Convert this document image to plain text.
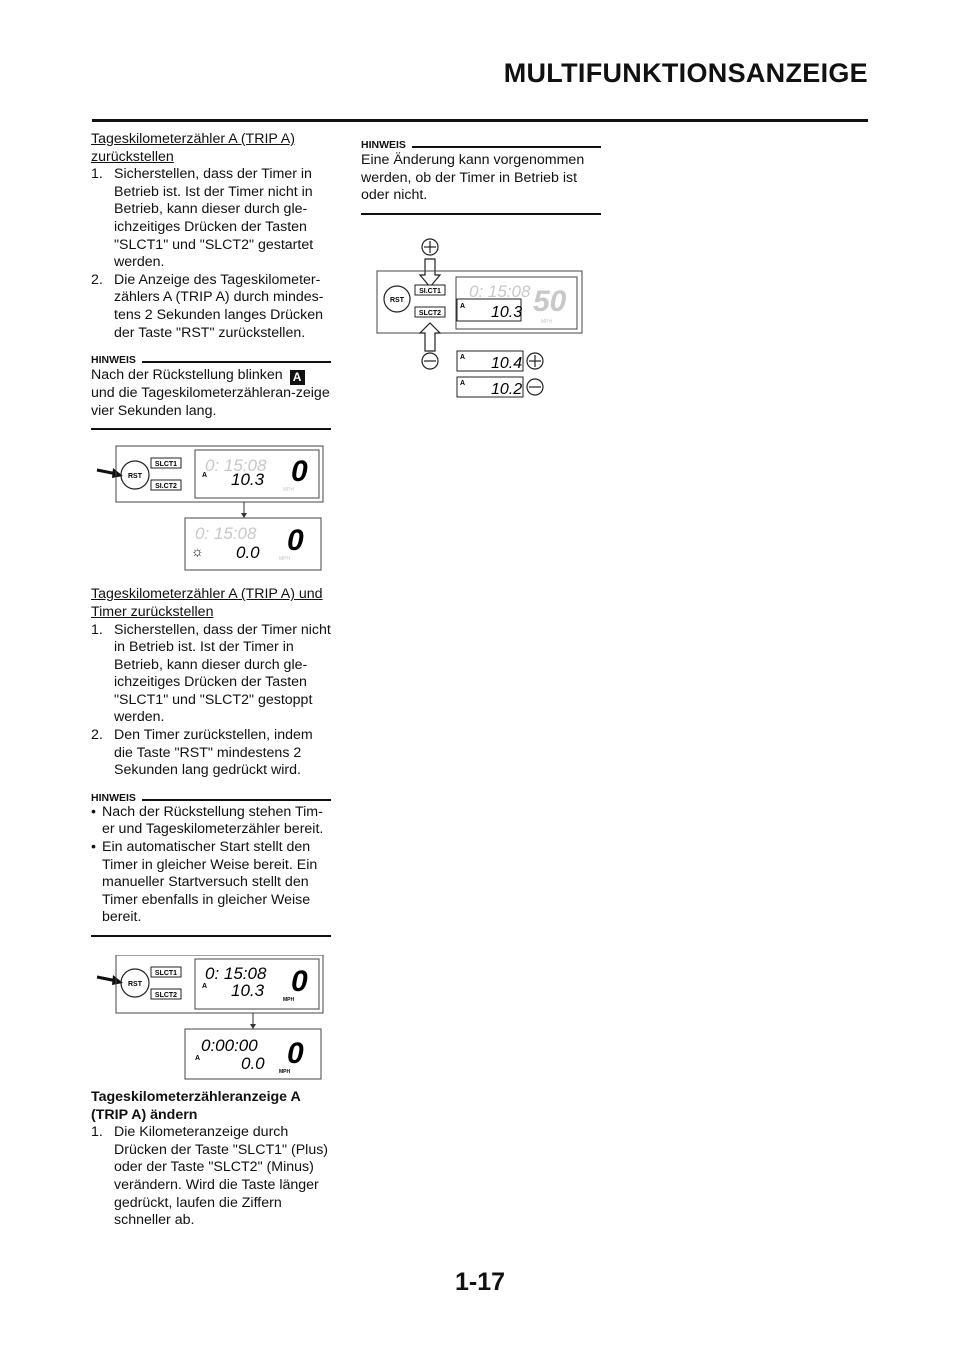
MULTIFUNKTIONSANZEIGE
Tageskilometerzähler A (TRIP A) zurückstellen
1. Sicherstellen, dass der Timer in Betrieb ist. Ist der Timer nicht in Betrieb, kann dieser durch gle-ichzeitiges Drücken der Tasten "SLCT1" und "SLCT2" gestartet werden.
2. Die Anzeige des Tageskilometer-zählers A (TRIP A) durch mindes-tens 2 Sekunden langes Drücken der Taste "RST" zurückstellen.
HINWEIS
Nach der Rückstellung blinken A und die Tageskilometerzähleran-zeige vier Sekunden lang.
RST
SLCT1
SI.CT2
0: 15:08
A 10.3 0
MPH
0: 15:08
☼ 0.0 0
MPH
Tageskilometerzähler A (TRIP A) und Timer zurückstellen
1. Sicherstellen, dass der Timer nicht in Betrieb ist. Ist der Timer in Betrieb, kann dieser durch gle-ichzeitiges Drücken der Tasten "SLCT1" und "SLCT2" gestoppt werden.
2. Den Timer zurückstellen, indem die Taste "RST" mindestens 2 Sekunden lang gedrückt wird.
HINWEIS
• Nach der Rückstellung stehen Tim-er und Tageskilometerzähler bereit.
• Ein automatischer Start stellt den Timer in gleicher Weise bereit. Ein manueller Startversuch stellt den Timer ebenfalls in gleicher Weise bereit.
RST
SLCT1
SLCT2
0: 15:08
A 10.3 0
MPH
0:00:00
A 0.0 0
MPH
Tageskilometerzähleranzeige A (TRIP A) ändern
1. Die Kilometeranzeige durch Drücken der Taste "SLCT1" (Plus) oder der Taste "SLCT2" (Minus) verändern. Wird die Taste länger gedrückt, laufen die Ziffern schneller ab.
HINWEIS
Eine Änderung kann vorgenommen werden, ob der Timer in Betrieb ist oder nicht.
RST
SI.CT1
SLCT2
0: 15:08
A 10.3 50
MPH
A 10.4
A 10.2
1-17
